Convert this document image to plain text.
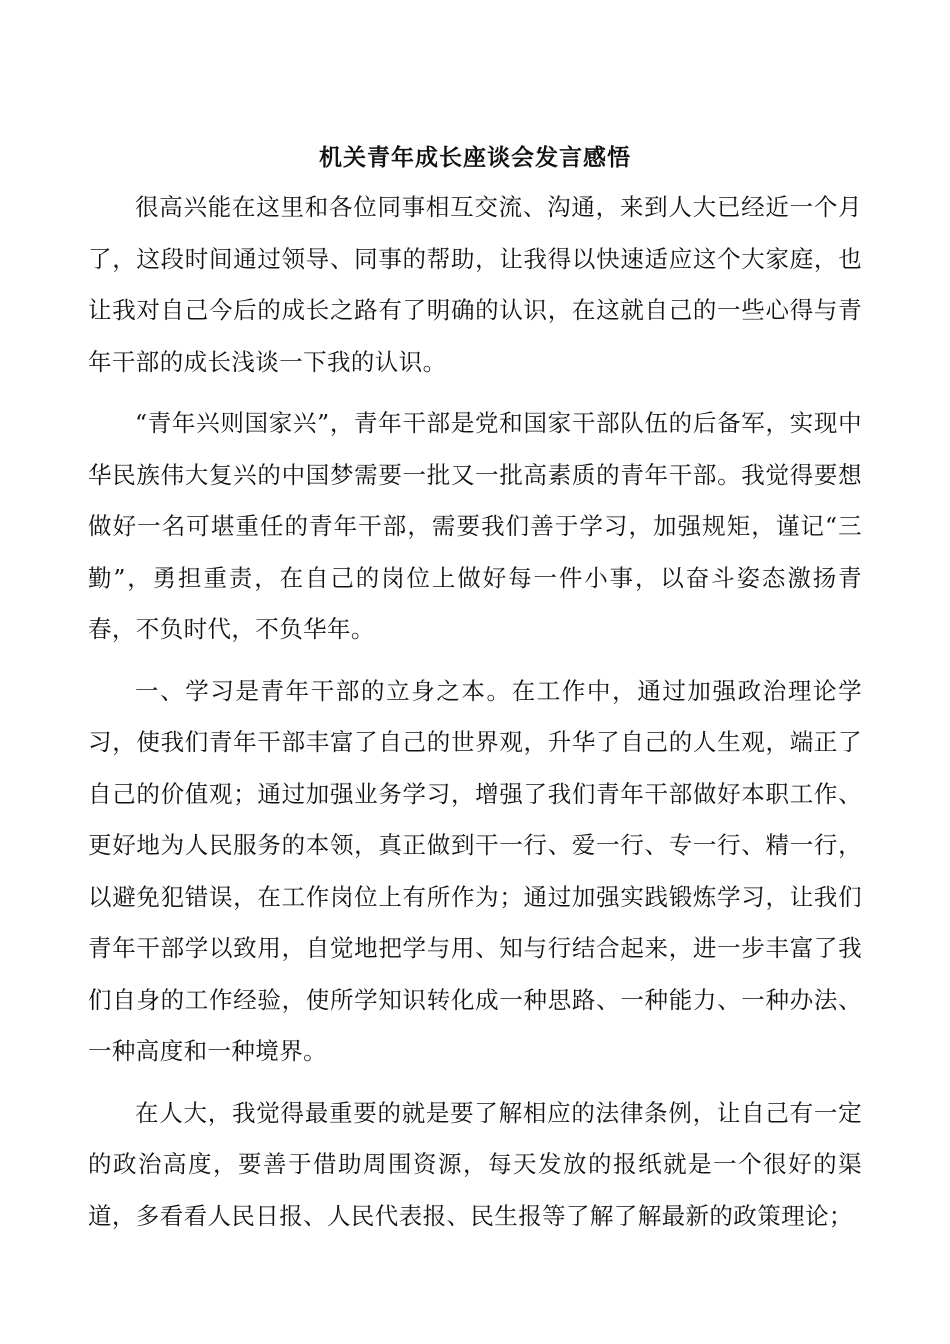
机关青年成长座谈会发言感悟

很高兴能在这里和各位同事相互交流、沟通，来到人大已经近一个月了，这段时间通过领导、同事的帮助，让我得以快速适应这个大家庭，也让我对自己今后的成长之路有了明确的认识，在这就自己的一些心得与青年干部的成长浅谈一下我的认识。

“青年兴则国家兴”，青年干部是党和国家干部队伍的后备军，实现中华民族伟大复兴的中国梦需要一批又一批高素质的青年干部。我觉得要想做好一名可堪重任的青年干部，需要我们善于学习，加强规矩，谨记“三勤”，勇担重责，在自己的岗位上做好每一件小事，以奋斗姿态激扬青春，不负时代，不负华年。

一、学习是青年干部的立身之本。在工作中，通过加强政治理论学习，使我们青年干部丰富了自己的世界观，升华了自己的人生观，端正了自己的价值观；通过加强业务学习，增强了我们青年干部做好本职工作、更好地为人民服务的本领，真正做到干一行、爱一行、专一行、精一行，以避免犯错误，在工作岗位上有所作为；通过加强实践锻炼学习，让我们青年干部学以致用，自觉地把学与用、知与行结合起来，进一步丰富了我们自身的工作经验，使所学知识转化成一种思路、一种能力、一种办法、一种高度和一种境界。

在人大，我觉得最重要的就是要了解相应的法律条例，让自己有一定的政治高度，要善于借助周围资源，每天发放的报纸就是一个很好的渠道，多看看人民日报、人民代表报、民生报等了解了解最新的政策理论；
